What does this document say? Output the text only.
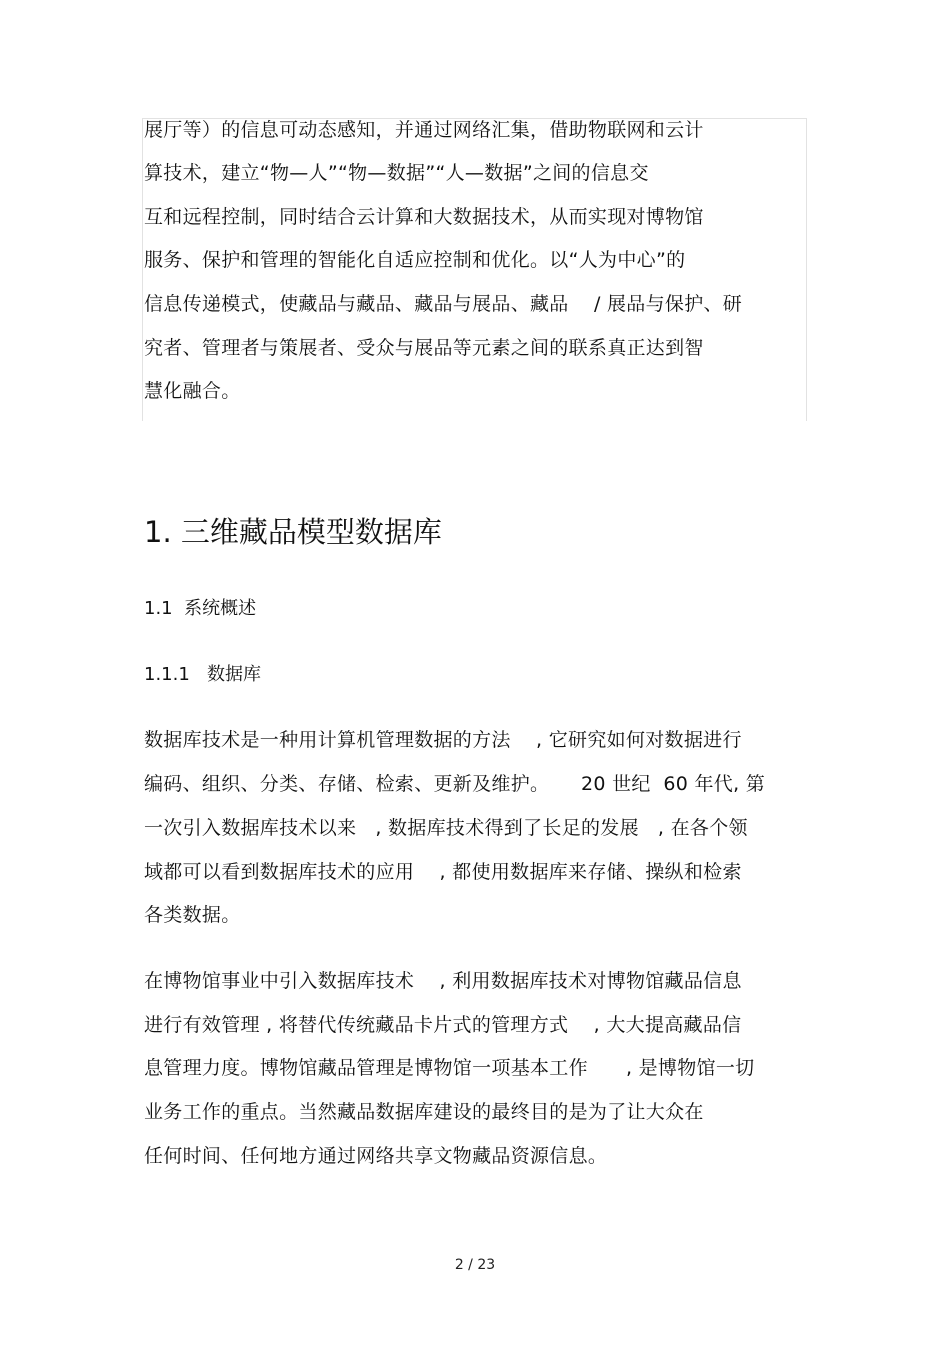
展厅等）的信息可动态感知，并通过网络汇集，借助物联网和云计
算技术，建立“物—人”“物—数据”“人—数据”之间的信息交
互和远程控制，同时结合云计算和大数据技术，从而实现对博物馆
服务、保护和管理的智能化自适应控制和优化。以“人为中心”的
信息传递模式，使藏品与藏品、藏品与展品、藏品    / 展品与保护、研
究者、管理者与策展者、受众与展品等元素之间的联系真正达到智
慧化融合。
1. 三维藏品模型数据库
1.1  系统概述
1.1.1   数据库
数据库技术是一种用计算机管理数据的方法    , 它研究如何对数据进行
编码、组织、分类、存储、检索、更新及维护。     20 世纪  60 年代, 第
一次引入数据库技术以来   , 数据库技术得到了长足的发展   , 在各个领
域都可以看到数据库技术的应用    , 都使用数据库来存储、操纵和检索
各类数据。
在博物馆事业中引入数据库技术    , 利用数据库技术对博物馆藏品信息
进行有效管理 , 将替代传统藏品卡片式的管理方式    , 大大提高藏品信
息管理力度。博物馆藏品管理是博物馆一项基本工作      , 是博物馆一切
业务工作的重点。当然藏品数据库建设的最终目的是为了让大众在
任何时间、任何地方通过网络共享文物藏品资源信息。
2 / 23
